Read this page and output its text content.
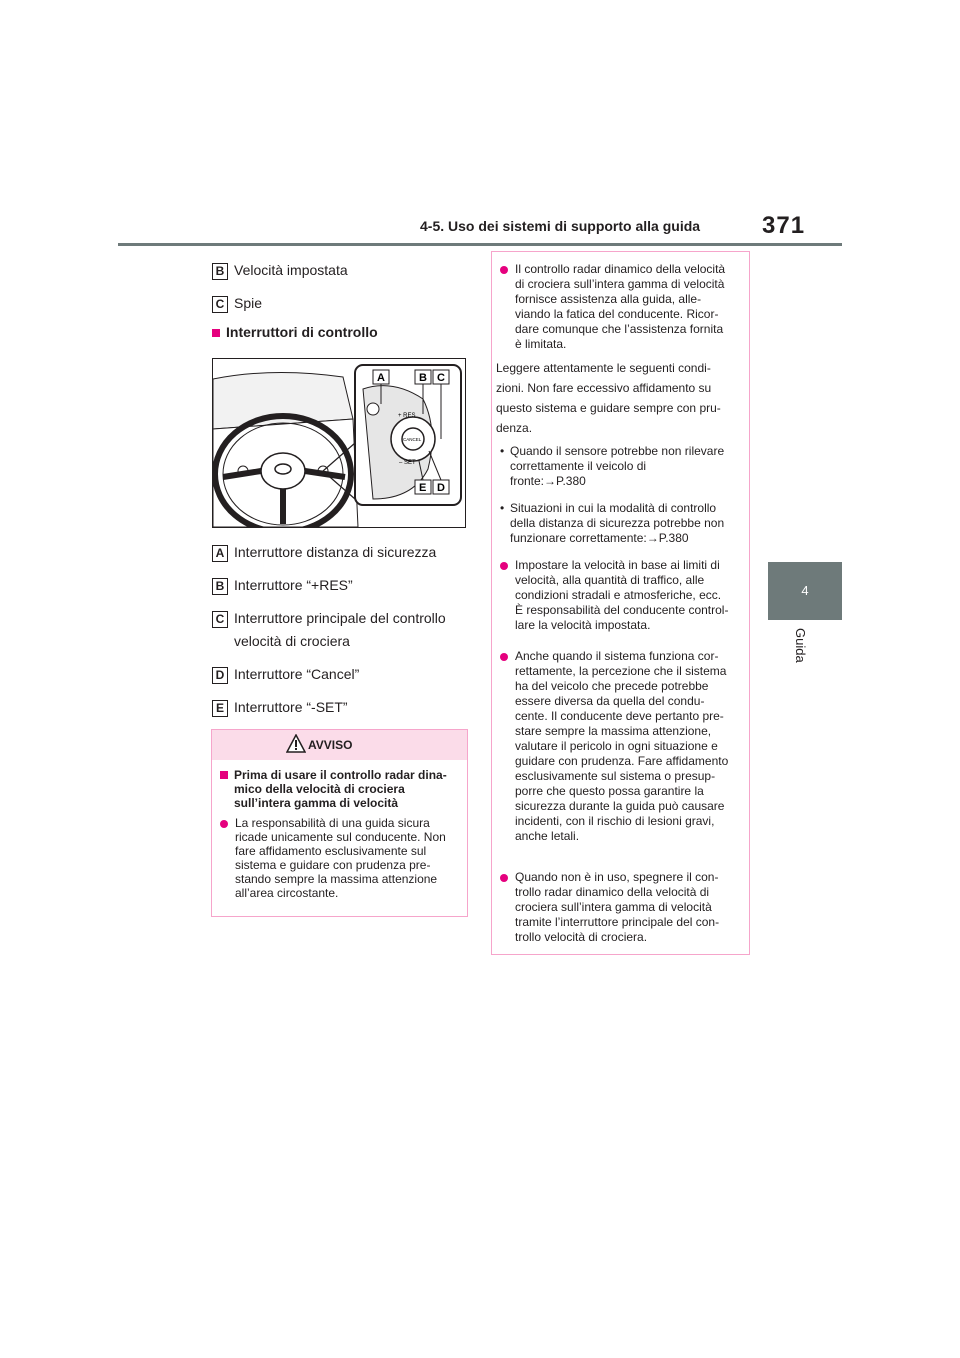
4-5. Uso dei sistemi di supporto alla guida	371
4
Guida
B Velocità impostata
C Spie
Interruttori di controllo
+ RES
CANCEL
– SET
A	B C
D
E
A Interruttore distanza di sicurezza
B Interruttore “+RES”
C Interruttore principale del controllo
velocità di crociera
D Interruttore “Cancel”
E Interruttore “-SET”
AVVISO
Prima di usare il controllo radar dina-
mico della velocità di crociera
sull’intera gamma di velocità
La responsabilità di una guida sicura
ricade unicamente sul conducente. Non
fare affidamento esclusivamente sul
sistema e guidare con prudenza pre-
stando sempre la massima attenzione
all’area circostante.
Il controllo radar dinamico della velocità
di crociera sull’intera gamma di velocità
fornisce assistenza alla guida, alle-
viando la fatica del conducente. Ricor-
dare comunque che l’assistenza fornita
è limitata.
Leggere attentamente le seguenti condi-
zioni. Non fare eccessivo affidamento su
questo sistema e guidare sempre con pru-
denza.
• Quando il sensore potrebbe non rilevare
correttamente il veicolo di
fronte:→P.380
• Situazioni in cui la modalità di controllo
della distanza di sicurezza potrebbe non
funzionare correttamente:→P.380
Impostare la velocità in base ai limiti di
velocità, alla quantità di traffico, alle
condizioni stradali e atmosferiche, ecc.
È responsabilità del conducente control-
lare la velocità impostata.
Anche quando il sistema funziona cor-
rettamente, la percezione che il sistema
ha del veicolo che precede potrebbe
essere diversa da quella del condu-
cente. Il conducente deve pertanto pre-
stare sempre la massima attenzione,
valutare il pericolo in ogni situazione e
guidare con prudenza. Fare affidamento
esclusivamente sul sistema o presup-
porre che questo possa garantire la
sicurezza durante la guida può causare
incidenti, con il rischio di lesioni gravi,
anche letali.
Quando non è in uso, spegnere il con-
trollo radar dinamico della velocità di
crociera sull’intera gamma di velocità
tramite l’interruttore principale del con-
trollo velocità di crociera.
